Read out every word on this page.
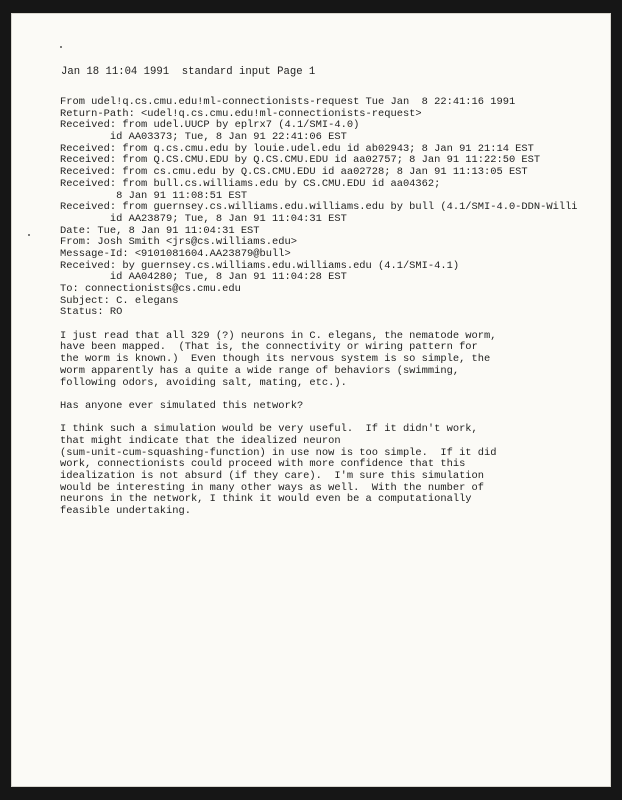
Jan 18 11:04 1991  standard input Page 1
From udel!q.cs.cmu.edu!ml-connectionists-request Tue Jan  8 22:41:16 1991
Return-Path: <udel!q.cs.cmu.edu!ml-connectionists-request>
Received: from udel.UUCP by eplrx7 (4.1/SMI-4.0)
id AA03373; Tue, 8 Jan 91 22:41:06 EST
Received: from q.cs.cmu.edu by louie.udel.edu id ab02943; 8 Jan 91 21:14 EST
Received: from Q.CS.CMU.EDU by Q.CS.CMU.EDU id aa02757; 8 Jan 91 11:22:50 EST
Received: from cs.cmu.edu by Q.CS.CMU.EDU id aa02728; 8 Jan 91 11:13:05 EST
Received: from bull.cs.williams.edu by CS.CMU.EDU id aa04362;
8 Jan 91 11:08:51 EST
Received: from guernsey.cs.williams.edu.williams.edu by bull (4.1/SMI-4.0-DDN-Willi
id AA23879; Tue, 8 Jan 91 11:04:31 EST
Date: Tue, 8 Jan 91 11:04:31 EST
From: Josh Smith <jrs@cs.williams.edu>
Message-Id: <9101081604.AA23879@bull>
Received: by guernsey.cs.williams.edu.williams.edu (4.1/SMI-4.1)
id AA04280; Tue, 8 Jan 91 11:04:28 EST
To: connectionists@cs.cmu.edu
Subject: C. elegans
Status: RO
I just read that all 329 (?) neurons in C. elegans, the nematode worm,
have been mapped.  (That is, the connectivity or wiring pattern for
the worm is known.)  Even though its nervous system is so simple, the
worm apparently has a quite a wide range of behaviors (swimming,
following odors, avoiding salt, mating, etc.).
Has anyone ever simulated this network?
I think such a simulation would be very useful.  If it didn't work,
that might indicate that the idealized neuron
(sum-unit-cum-squashing-function) in use now is too simple.  If it did
work, connectionists could proceed with more confidence that this
idealization is not absurd (if they care).  I'm sure this simulation
would be interesting in many other ways as well.  With the number of
neurons in the network, I think it would even be a computationally
feasible undertaking.
